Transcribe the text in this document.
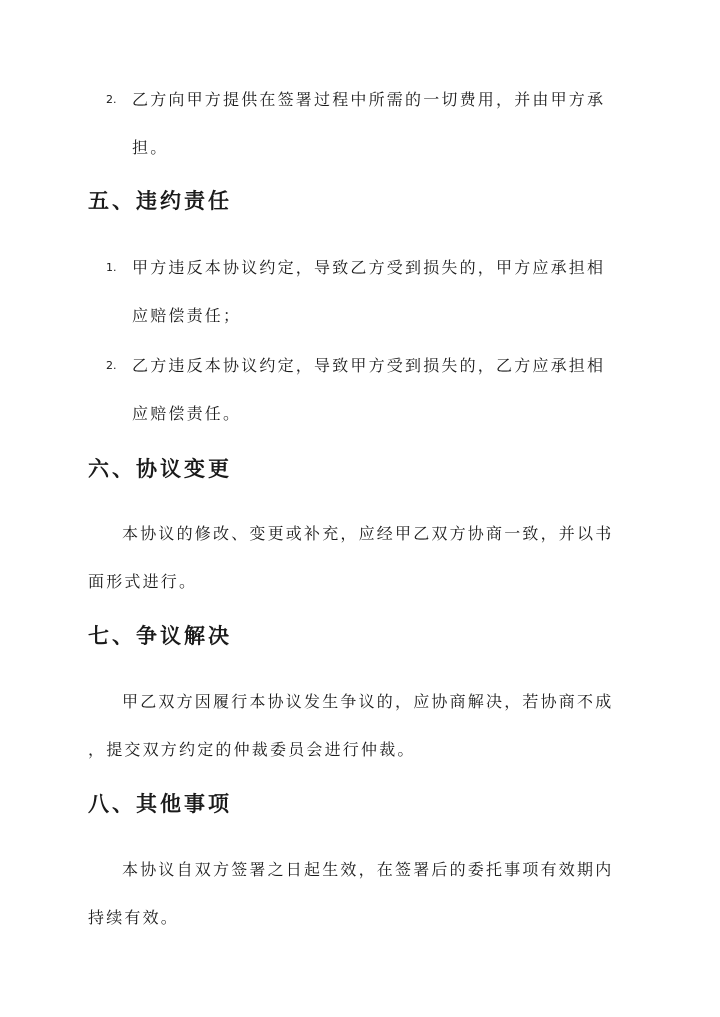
2. 乙方向甲方提供在签署过程中所需的一切费用，并由甲方承
担。
五、违约责任
1. 甲方违反本协议约定，导致乙方受到损失的，甲方应承担相
应赔偿责任；
2. 乙方违反本协议约定，导致甲方受到损失的，乙方应承担相
应赔偿责任。
六、协议变更
本协议的修改、变更或补充，应经甲乙双方协商一致，并以书
面形式进行。
七、争议解决
甲乙双方因履行本协议发生争议的，应协商解决，若协商不成
，提交双方约定的仲裁委员会进行仲裁。
八、其他事项
本协议自双方签署之日起生效，在签署后的委托事项有效期内
持续有效。
